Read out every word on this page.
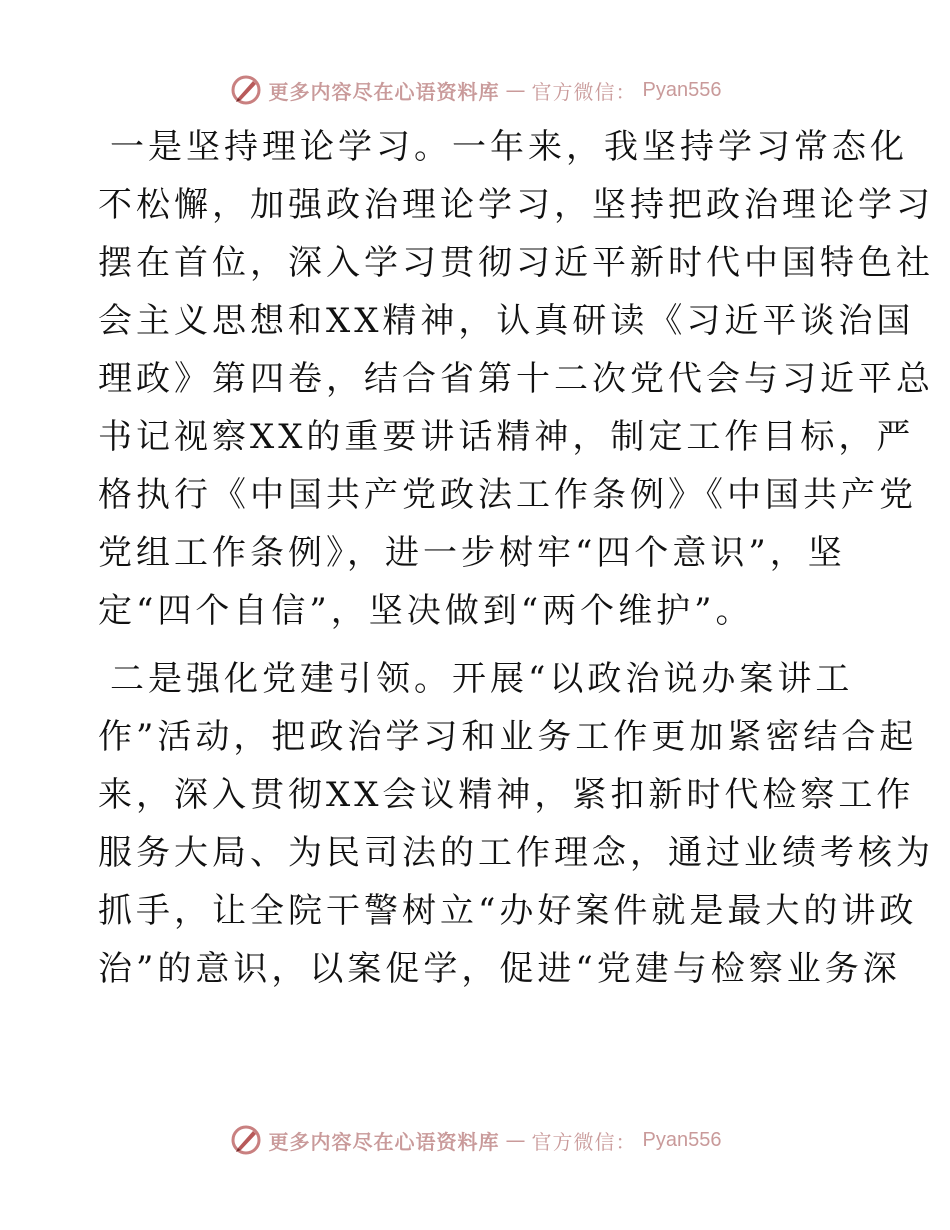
更多内容尽在心语资料库 — 官方微信： Pyan556
一是坚持理论学习。一年来，我坚持学习常态化
不松懈，加强政治理论学习，坚持把政治理论学习
摆在首位，深入学习贯彻习近平新时代中国特色社
会主义思想和XX精神，认真研读《习近平谈治国
理政》第四卷，结合省第十二次党代会与习近平总
书记视察XX的重要讲话精神，制定工作目标，严
格执行《中国共产党政法工作条例》《中国共产党
党组工作条例》，进一步树牢“四个意识”，坚
定“四个自信”，坚决做到“两个维护”。
二是强化党建引领。开展“以政治说办案讲工
作”活动，把政治学习和业务工作更加紧密结合起
来，深入贯彻XX会议精神，紧扣新时代检察工作
服务大局、为民司法的工作理念，通过业绩考核为
抓手，让全院干警树立“办好案件就是最大的讲政
治”的意识，以案促学，促进“党建与检察业务深
更多内容尽在心语资料库 — 官方微信： Pyan556
